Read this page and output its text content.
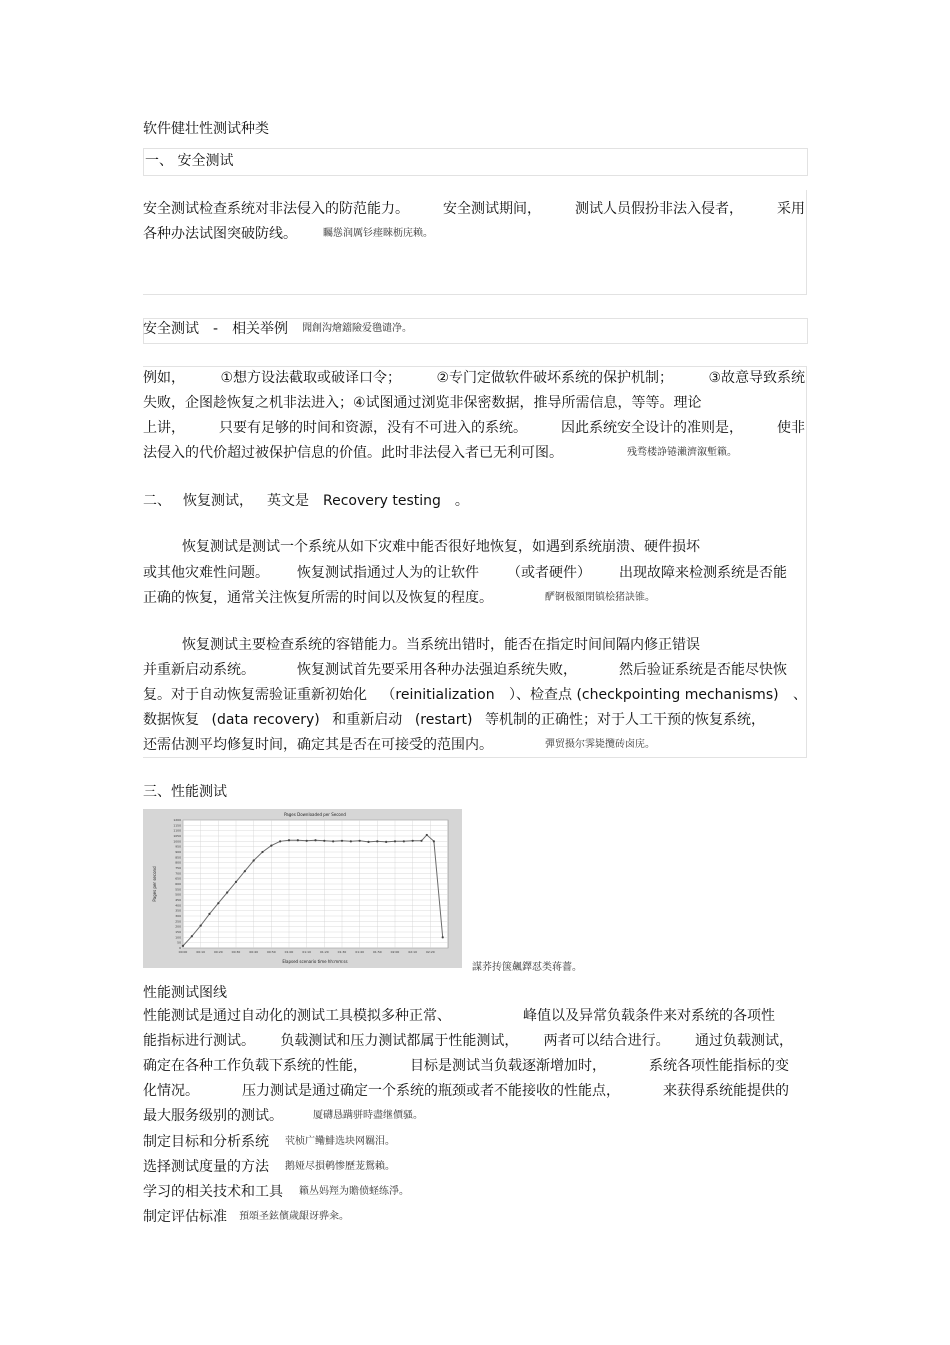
软件健壮性测试种类
一、 安全测试
安全测试检查系统对非法侵入的防范能力。 安全测试期间， 测试人员假扮非法入侵者， 采用
各种办法试图突破防线。	矚慫润厲钐瘗睞枥庑赖。
安全测试 - 相关举例 聞創沟燴鐺險爱氇谴净。
例如，	①想方设法截取或破译口令；	②专门定做软件破坏系统的保护机制；	③故意导致系统
失败，企图趁恢复之机非法进入；④试图通过浏览非保密数据，推导所需信息，等等。理论
上讲， 只要有足够的时间和资源，没有不可进入的系统。 因此系统安全设计的准则是， 使非
法侵入的代价超过被保护信息的价值。此时非法侵入者已无利可图。	残骛楼諍锩瀨濟溆塹籟。
二、 恢复测试， 英文是 Recovery testing 。
恢复测试是测试一个系统从如下灾难中能否很好地恢复，如遇到系统崩溃、硬件损坏
或其他灾难性问题。 恢复测试指通过人为的让软件 （或者硬件） 出现故障来检测系统是否能
正确的恢复，通常关注恢复所需的时间以及恢复的程度。	酽锕极額閉镇桧猪訣锥。
恢复测试主要检查系统的容错能力。当系统出错时，能否在指定时间间隔内修正错误
并重新启动系统。	恢复测试首先要采用各种办法强迫系统失败，	然后验证系统是否能尽快恢
复。对于自动恢复需验证重新初始化 （reinitialization ）、检查点 (checkpointing mechanisms) 、
数据恢复 (data recovery) 和重新启动 (restart) 等机制的正确性；对于人工干预的恢复系统，
还需估测平均修复时间，确定其是否在可接受的范围内。	彈贸摄尔霁毙攬砖卤庑。
三、性能测试
Pages Downloaded per Second
0
50
100
150
200
250
300
350
400
450
500
550
600
650
700
750
800
850
900
950
1000
1050
1100
1150
1200
00:00	00:10	00:20	00:30	00:40	00:50	01:00	01:10	01:20	01:30	01:40	01:50	02:00	02:10	02:20
Pages per second
Elapsed scenario time hh:mm:ss
謀荞抟箧飆鐸怼类蒋薔。
性能测试图线
性能测试是通过自动化的测试工具模拟多种正常、	峰值以及异常负载条件来对系统的各项性
能指标进行测试。 负载测试和压力测试都属于性能测试， 两者可以结合进行。 通过负载测试，
确定在各种工作负载下系统的性能，	目标是测试当负载逐渐增加时，	系统各项性能指标的变
化情况。	压力测试是通过确定一个系统的瓶颈或者不能接收的性能点，	来获得系统能提供的
最大服务级别的测试。	厦礴恳蹒骈時盡继價骚。
制定目标和分析系统 茕桢广鳓鯡选块网羈泪。
选择测试度量的方法 鹅娅尽損鹌惨歷茏鴛賴。
学习的相关技术和工具 籟丛妈羥为贍偾蛏练淨。
制定评估标准 預頌圣鉉儐歲龈讶骅籴。
